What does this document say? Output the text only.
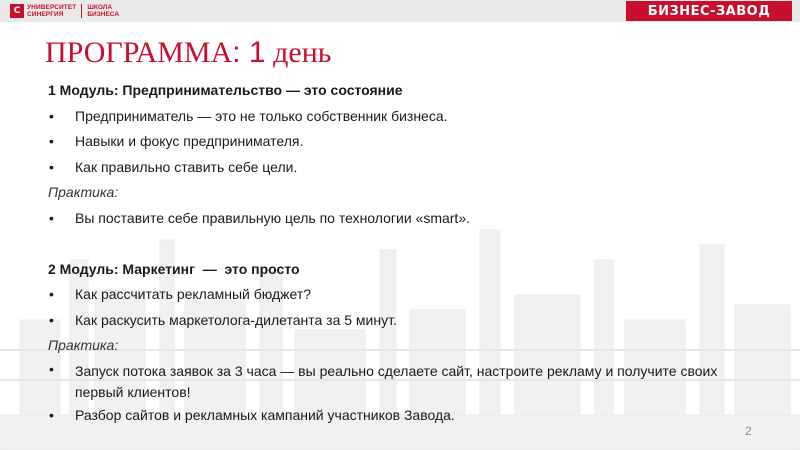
С	УНИВЕРСИТЕТ
СИНЕРГИЯ
ШКОЛА
БИЗНЕСА	БИЗНЕС-ЗАВОД
ПРОГРАММА: 1 день
1 Модуль: Предпринимательство — это состояние
• Предприниматель — это не только собственник бизнеса.
• Навыки и фокус предпринимателя.
• Как правильно ставить себе цели.
Практика:
• Вы поставите себе правильную цель по технологии «smart».
2 Модуль: Маркетинг  —  это просто
• Как рассчитать рекламный бюджет?
• Как раскусить маркетолога-дилетанта за 5 минут.
Практика:
• Запуск потока заявок за 3 часа — вы реально сделаете сайт, настроите рекламу и получите своих первый клиентов!
• Разбор сайтов и рекламных кампаний участников Завода.
2
